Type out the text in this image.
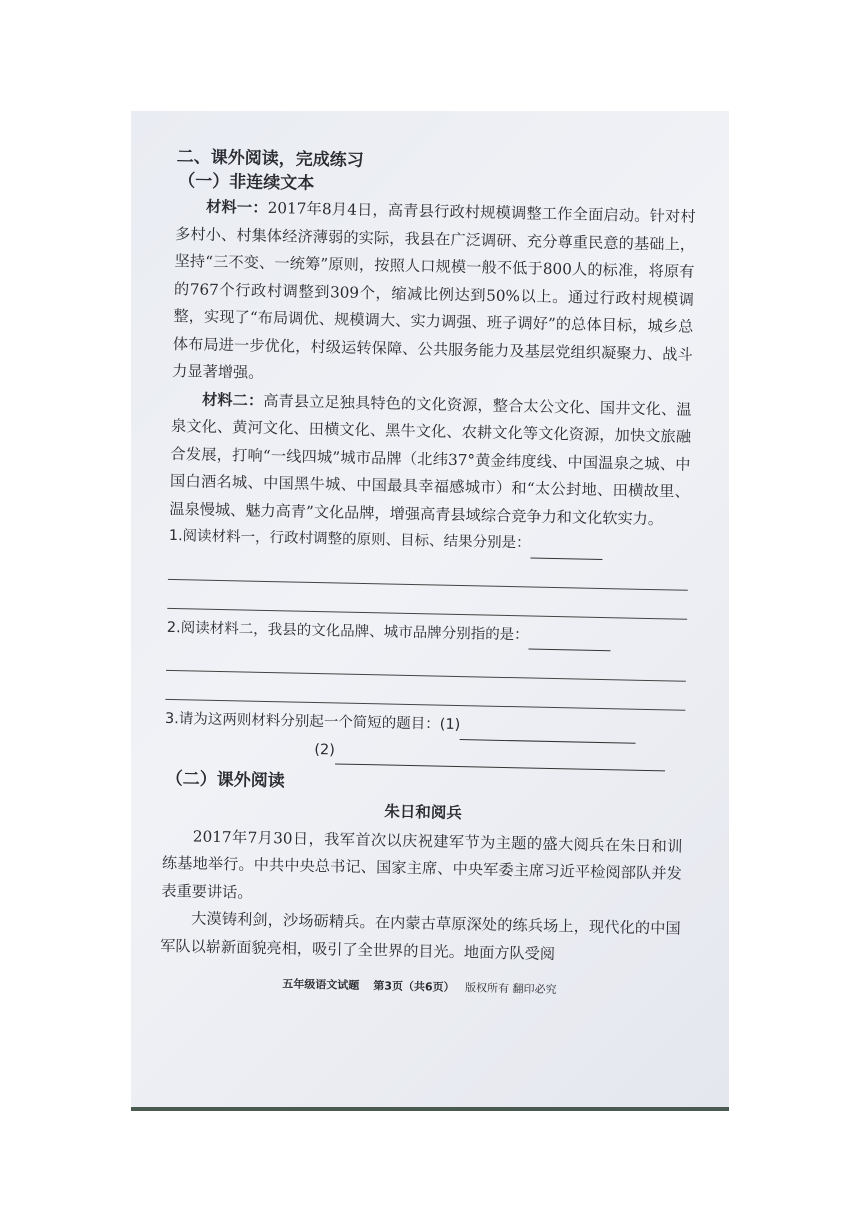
二、课外阅读，完成练习

（一）非连续文本

材料一：2017年8月4日，高青县行政村规模调整工作全面启动。针对村多村小、村集体经济薄弱的实际，我县在广泛调研、充分尊重民意的基础上，坚持“三不变、一统筹”原则，按照人口规模一般不低于800人的标准，将原有的767个行政村调整到309个，缩减比例达到50%以上。通过行政村规模调整，实现了“布局调优、规模调大、实力调强、班子调好”的总体目标，城乡总体布局进一步优化，村级运转保障、公共服务能力及基层党组织凝聚力、战斗力显著增强。

材料二：高青县立足独具特色的文化资源，整合太公文化、国井文化、温泉文化、黄河文化、田横文化、黑牛文化、农耕文化等文化资源，加快文旅融合发展，打响“一线四城”城市品牌（北纬37°黄金纬度线、中国温泉之城、中国白酒名城、中国黑牛城、中国最具幸福感城市）和“太公封地、田横故里、温泉慢城、魅力高青”文化品牌，增强高青县域综合竞争力和文化软实力。

1.阅读材料一，行政村调整的原则、目标、结果分别是：

2.阅读材料二，我县的文化品牌、城市品牌分别指的是：

3.请为这两则材料分别起一个简短的题目：(1)

(2)

（二）课外阅读

朱日和阅兵

2017年7月30日，我军首次以庆祝建军节为主题的盛大阅兵在朱日和训练基地举行。中共中央总书记、国家主席、中央军委主席习近平检阅部队并发表重要讲话。

大漠铸利剑，沙场砺精兵。在内蒙古草原深处的练兵场上，现代化的中国军队以崭新面貌亮相，吸引了全世界的目光。地面方队受阅

五年级语文试题 第3页（共6页） 版权所有 翻印必究
